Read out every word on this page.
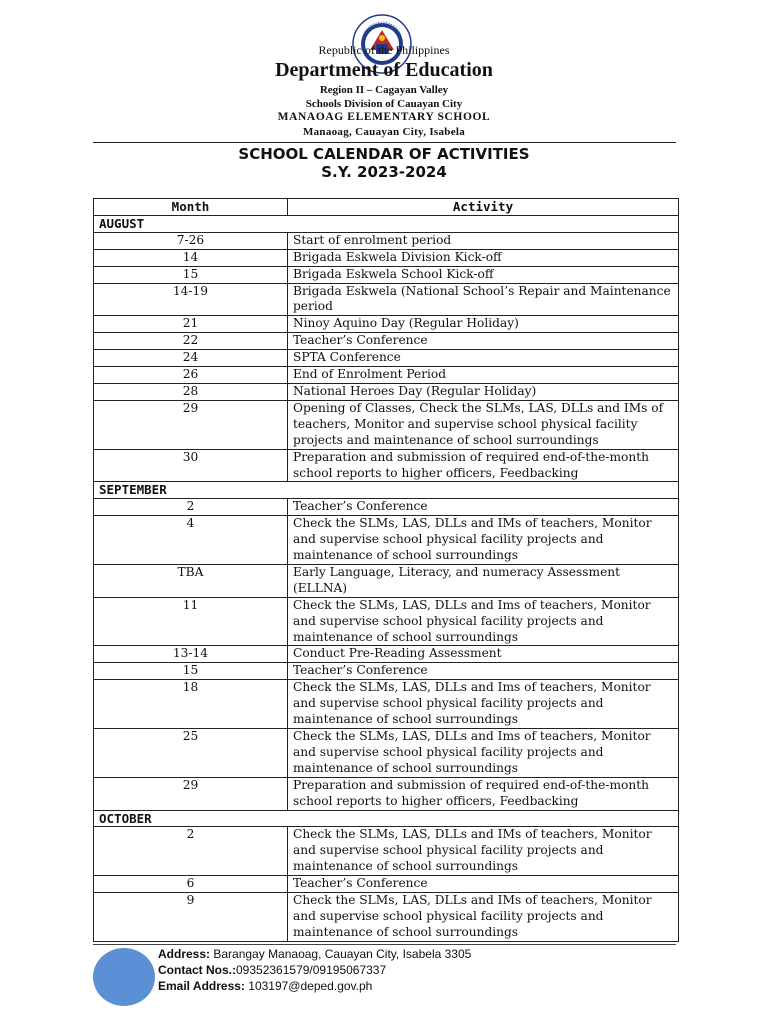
Republic of the Philippines
Department of Education
Region II – Cagayan Valley
Schools Division of Cauayan City
MANAOAG ELEMENTARY SCHOOL
Manaoag, Cauayan City, Isabela
SCHOOL CALENDAR OF ACTIVITIES
S.Y. 2023-2024
Month	Activity
AUGUST	
7-26	Start of enrolment period
14	Brigada Eskwela Division Kick-off
15	Brigada Eskwela School Kick-off
14-19	Brigada Eskwela (National School’s Repair and Maintenance period
21	Ninoy Aquino Day (Regular Holiday)
22	Teacher’s Conference
24	SPTA Conference
26	End of Enrolment Period
28	National Heroes Day (Regular Holiday)
29	Opening of Classes, Check the SLMs, LAS, DLLs and IMs of teachers, Monitor and supervise school physical facility projects and maintenance of school surroundings
30	Preparation and submission of required end-of-the-month school reports to higher officers, Feedbacking
SEPTEMBER	
2	Teacher’s Conference
4	Check the SLMs, LAS, DLLs and IMs of teachers, Monitor and supervise school physical facility projects and maintenance of school surroundings
TBA	Early Language, Literacy, and numeracy Assessment (ELLNA)
11	Check the SLMs, LAS, DLLs and Ims of teachers, Monitor and supervise school physical facility projects and maintenance of school surroundings
13-14	Conduct Pre-Reading Assessment
15	Teacher’s Conference
18	Check the SLMs, LAS, DLLs and Ims of teachers, Monitor and supervise school physical facility projects and maintenance of school surroundings
25	Check the SLMs, LAS, DLLs and Ims of teachers, Monitor and supervise school physical facility projects and maintenance of school surroundings
29	Preparation and submission of required end-of-the-month school reports to higher officers, Feedbacking
OCTOBER	
2	Check the SLMs, LAS, DLLs and IMs of teachers, Monitor and supervise school physical facility projects and maintenance of school surroundings
6	Teacher’s Conference
9	Check the SLMs, LAS, DLLs and IMs of teachers, Monitor and supervise school physical facility projects and maintenance of school surroundings
Address: Barangay Manaoag, Cauayan City, Isabela 3305
Contact Nos.:09352361579/09195067337
Email Address: 103197@deped.gov.ph
